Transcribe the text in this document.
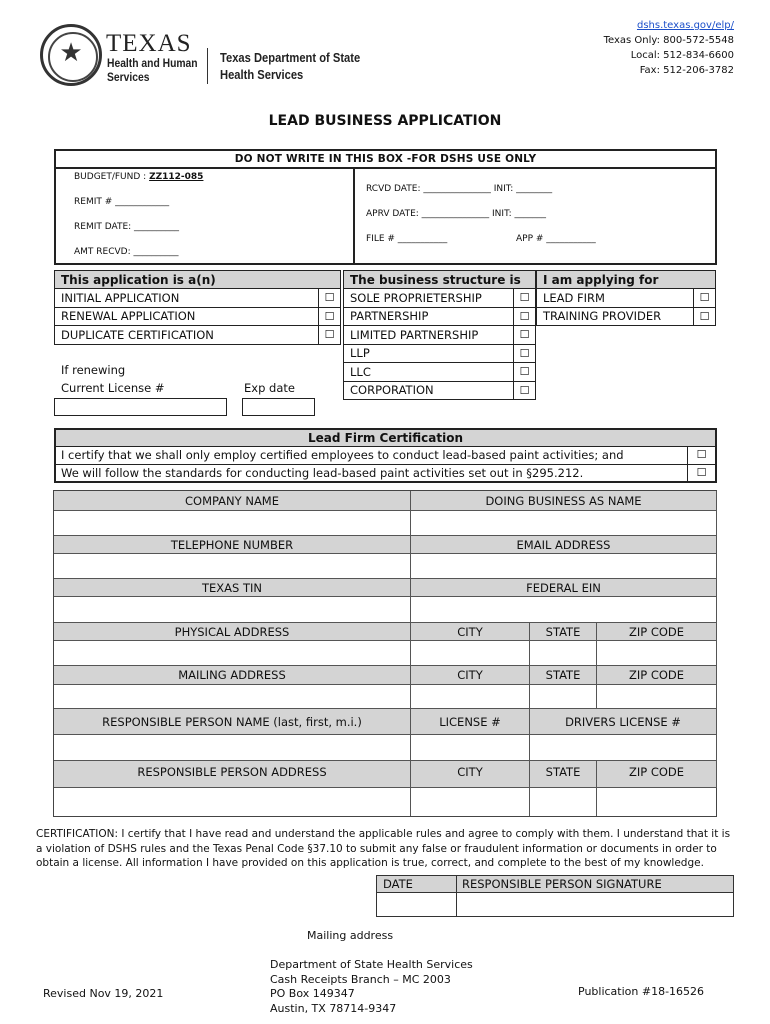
★ TEXAS
Health and Human
Services
Texas Department of State
Health Services
dshs.texas.gov/elp/
Texas Only: 800-572-5548
Local: 512-834-6600
Fax: 512-206-3782
LEAD BUSINESS APPLICATION
DO NOT WRITE IN THIS BOX -FOR DSHS USE ONLY
BUDGET/FUND : ZZ112-085
REMIT # ____________
REMIT DATE: __________
AMT RECVD: __________
RCVD DATE: _______________ INIT: ________
APRV DATE: _______________ INIT: _______
FILE # ___________	APP # ___________
This application is a(n)	
INITIAL APPLICATION	☐
RENEWAL APPLICATION	☐
DUPLICATE CERTIFICATION	☐
The business structure is	
SOLE PROPRIETERSHIP	☐
PARTNERSHIP	☐
LIMITED PARTNERSHIP	☐
LLP	☐
LLC	☐
CORPORATION	☐
I am applying for	
LEAD FIRM	☐
TRAINING PROVIDER	☐
If renewing
Current License #	Exp date
Lead Firm Certification
I certify that we shall only employ certified employees to conduct lead-based paint activities; and	☐
We will follow the standards for conducting lead-based paint activities set out in §295.212.	☐
COMPANY NAME	DOING BUSINESS AS NAME
TELEPHONE NUMBER	EMAIL ADDRESS
TEXAS TIN	FEDERAL EIN
PHYSICAL ADDRESS	CITY	STATE	ZIP CODE
MAILING ADDRESS	CITY	STATE	ZIP CODE
RESPONSIBLE PERSON NAME (last, first, m.i.)	LICENSE #	DRIVERS LICENSE #
RESPONSIBLE PERSON ADDRESS	CITY	STATE	ZIP CODE
CERTIFICATION: I certify that I have read and understand the applicable rules and agree to comply with them. I understand that it is a violation of DSHS rules and the Texas Penal Code §37.10 to submit any false or fraudulent information or documents in order to obtain a license. All information I have provided on this application is true, correct, and complete to the best of my knowledge.
DATE	RESPONSIBLE PERSON SIGNATURE
Mailing address
Department of State Health Services
Cash Receipts Branch – MC 2003
PO Box 149347
Austin, TX 78714-9347
Revised Nov 19, 2021	Publication #18-16526
